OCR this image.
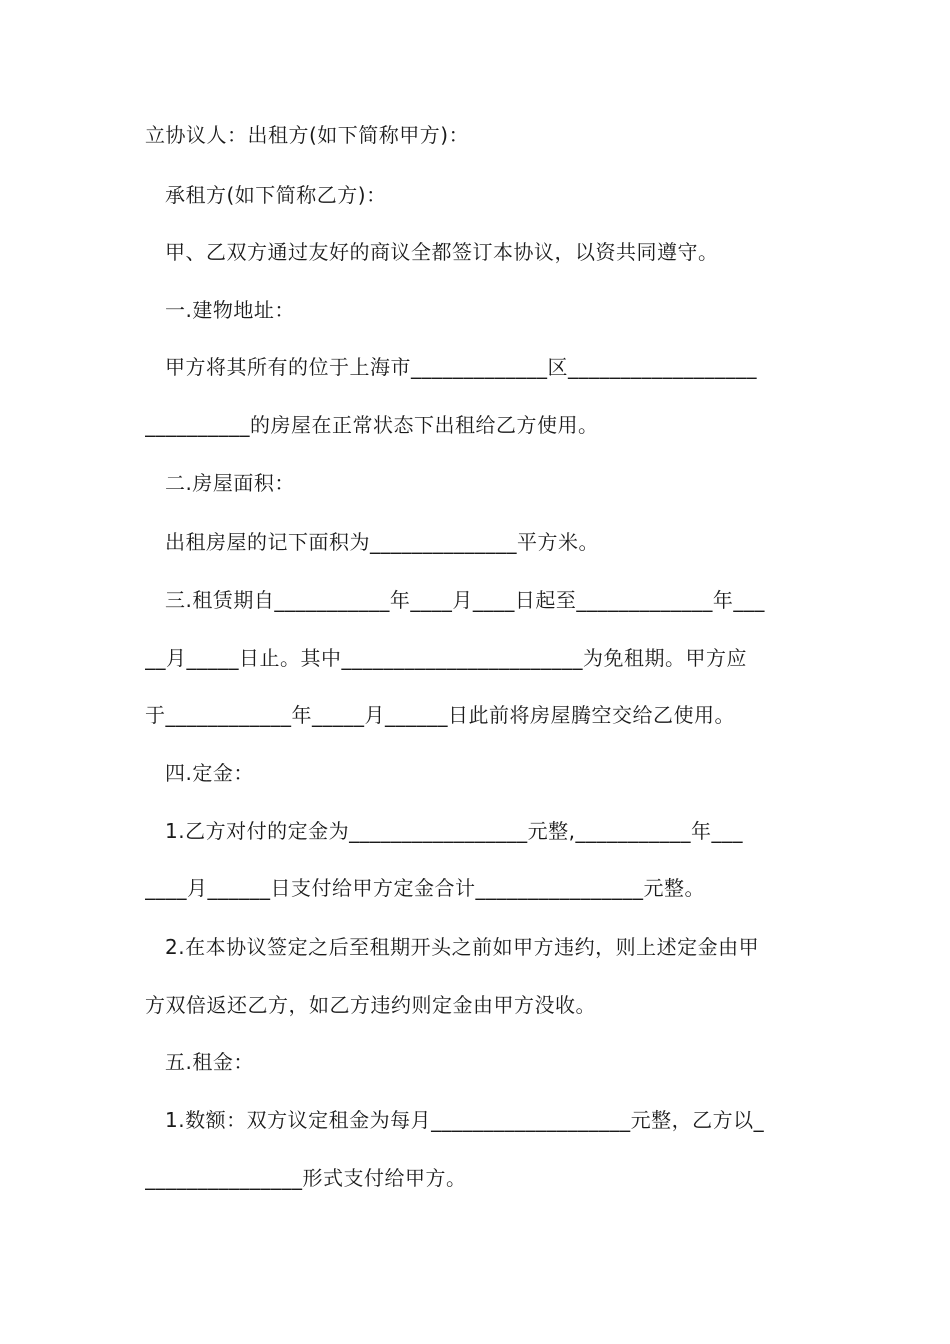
立协议人：出租方(如下简称甲方)：
承租方(如下简称乙方)：
甲、乙双方通过友好的商议全都签订本协议，以资共同遵守。
一.建物地址：
甲方将其所有的位于上海市_____________区__________________
__________的房屋在正常状态下出租给乙方使用。
二.房屋面积：
出租房屋的记下面积为______________平方米。
三.租赁期自___________年____月____日起至_____________年___
__月_____日止。其中_______________________为免租期。甲方应
于____________年_____月______日此前将房屋腾空交给乙使用。
四.定金：
1.乙方对付的定金为_________________元整,___________年___
____月______日支付给甲方定金合计________________元整。
2.在本协议签定之后至租期开头之前如甲方违约，则上述定金由甲
方双倍返还乙方，如乙方违约则定金由甲方没收。
五.租金：
1.数额：双方议定租金为每月___________________元整，乙方以_
_______________形式支付给甲方。
